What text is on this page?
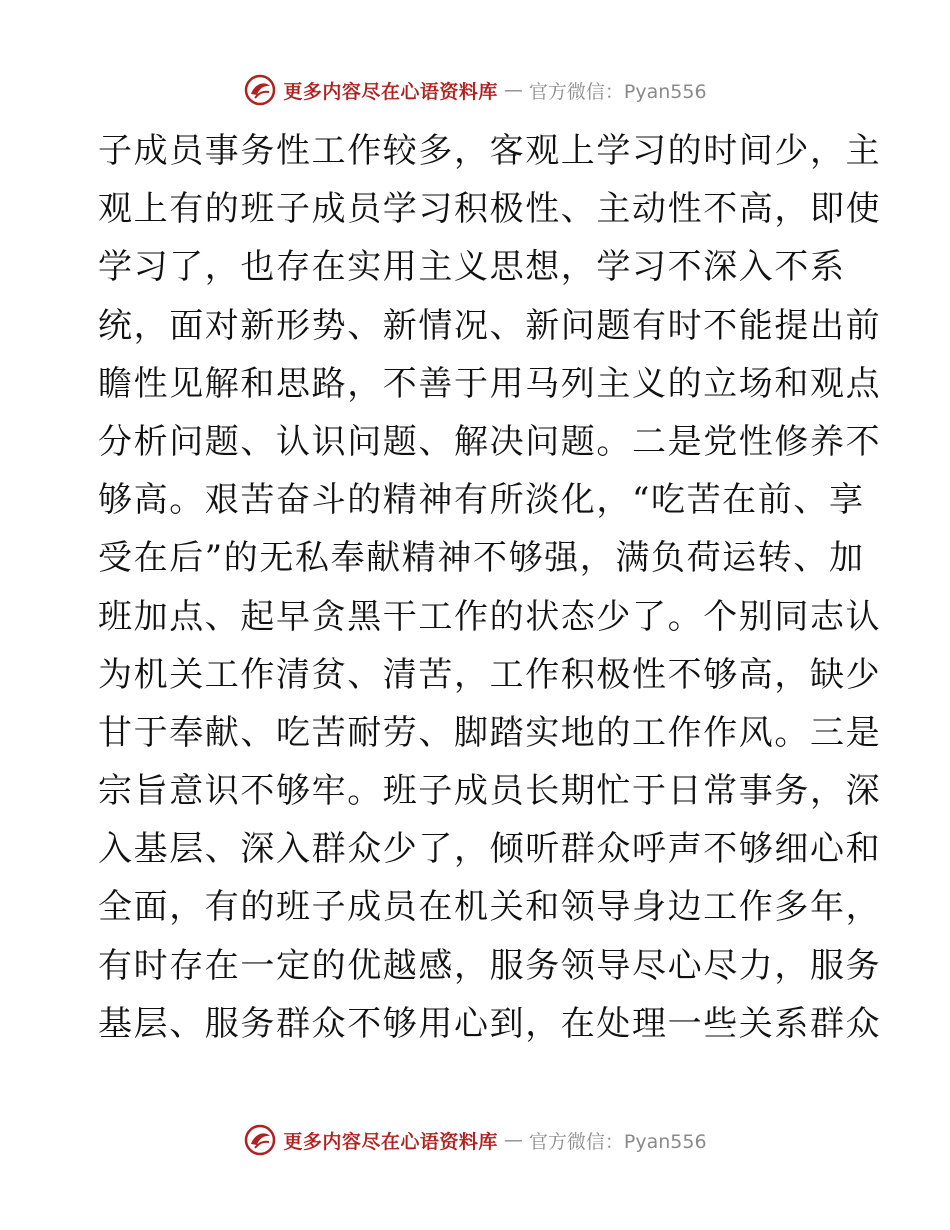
更多内容尽在心语资料库 — 官方微信：Pyan556
子成员事务性工作较多，客观上学习的时间少，主
观上有的班子成员学习积极性、主动性不高，即使
学习了，也存在实用主义思想，学习不深入不系
统，面对新形势、新情况、新问题有时不能提出前
瞻性见解和思路，不善于用马列主义的立场和观点
分析问题、认识问题、解决问题。二是党性修养不
够高。艰苦奋斗的精神有所淡化，“吃苦在前、享
受在后”的无私奉献精神不够强，满负荷运转、加
班加点、起早贪黑干工作的状态少了。个别同志认
为机关工作清贫、清苦，工作积极性不够高，缺少
甘于奉献、吃苦耐劳、脚踏实地的工作作风。三是
宗旨意识不够牢。班子成员长期忙于日常事务，深
入基层、深入群众少了，倾听群众呼声不够细心和
全面，有的班子成员在机关和领导身边工作多年，
有时存在一定的优越感，服务领导尽心尽力，服务
基层、服务群众不够用心到，在处理一些关系群众
更多内容尽在心语资料库 — 官方微信：Pyan556
